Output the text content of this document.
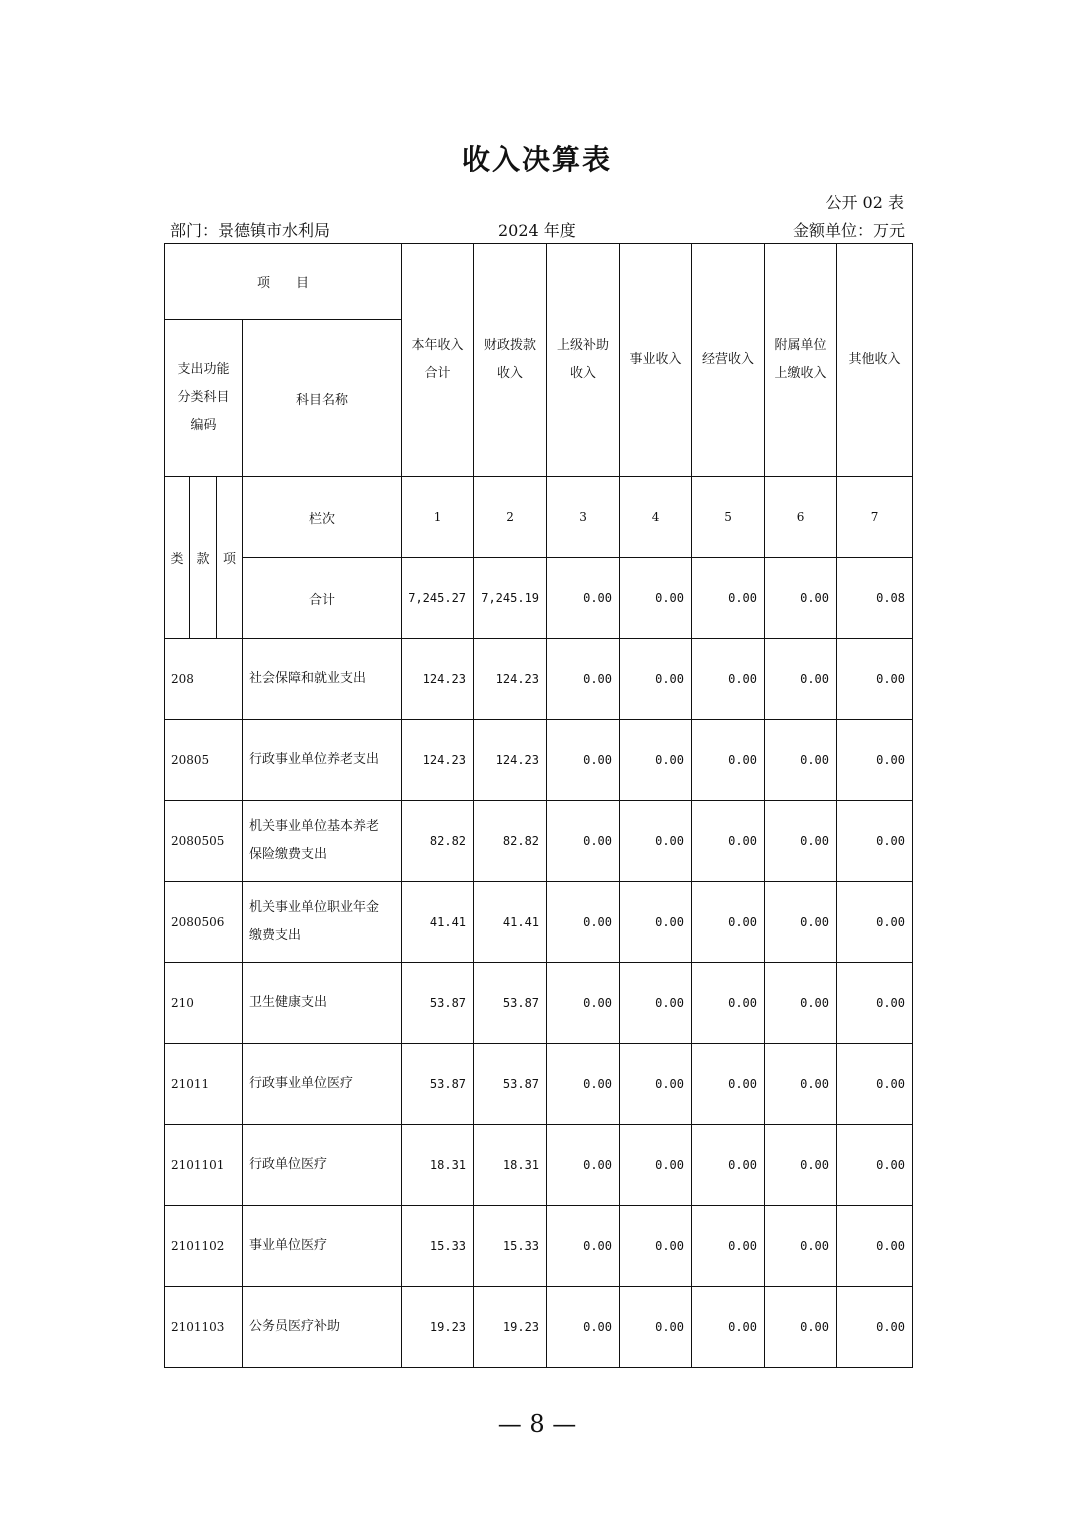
收入决算表
公开 02 表
部门：景德镇市水利局	2024 年度	金额单位：万元
项　　目				本年收入合计	财政拨款收入	上级补助收入	事业收入	经营收入	附属单位上缴收入	其他收入
支出功能分类科目编码			科目名称							
类	款	项	栏次	1	2	3	4	5	6	7
			合计	7,245.27	7,245.19	0.00	0.00	0.00	0.00	0.08
208			社会保障和就业支出	124.23	124.23	0.00	0.00	0.00	0.00	0.00
20805			行政事业单位养老支出	124.23	124.23	0.00	0.00	0.00	0.00	0.00
2080505			机关事业单位基本养老保险缴费支出	82.82	82.82	0.00	0.00	0.00	0.00	0.00
2080506			机关事业单位职业年金缴费支出	41.41	41.41	0.00	0.00	0.00	0.00	0.00
210			卫生健康支出	53.87	53.87	0.00	0.00	0.00	0.00	0.00
21011			行政事业单位医疗	53.87	53.87	0.00	0.00	0.00	0.00	0.00
2101101			行政单位医疗	18.31	18.31	0.00	0.00	0.00	0.00	0.00
2101102			事业单位医疗	15.33	15.33	0.00	0.00	0.00	0.00	0.00
2101103			公务员医疗补助	19.23	19.23	0.00	0.00	0.00	0.00	0.00
— 8 —
